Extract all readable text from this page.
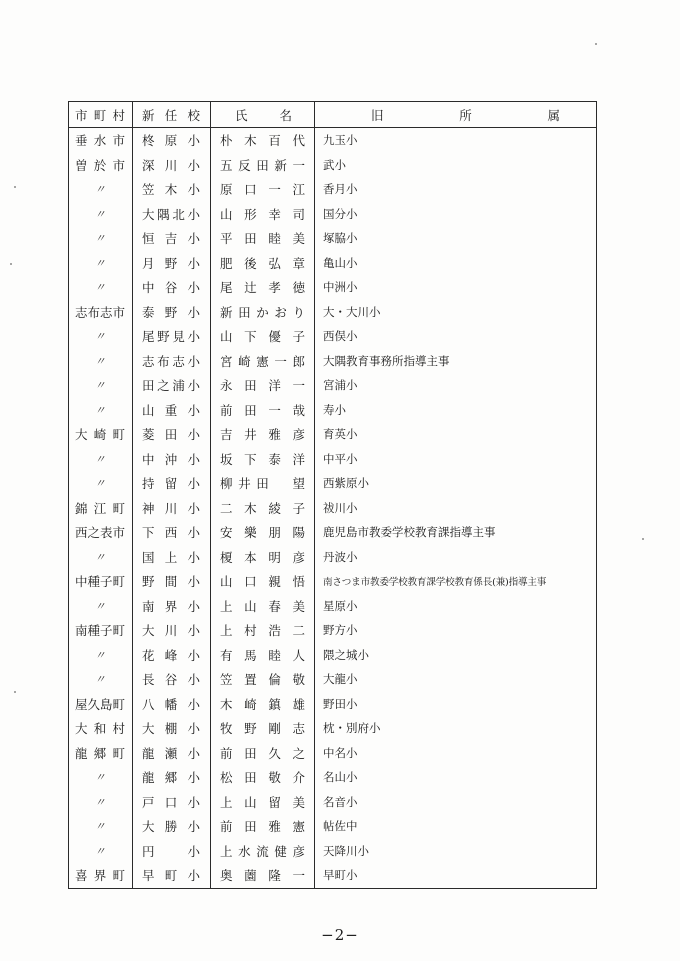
市町村	新任校	氏名	旧所属
垂水市	柊原小	朴木百代	九玉小
曽於市	深川小	五反田新一	武小
〃	笠木小	原口一江	香月小
〃	大隅北小	山形幸司	国分小
〃	恒吉小	平田睦美	塚脇小
〃	月野小	肥後弘章	亀山小
〃	中谷小	尾辻孝徳	中洲小
志布志市	泰野小	新田かおり	大・大川小
〃	尾野見小	山下優子	西俣小
〃	志布志小	宮崎憲一郎	大隅教育事務所指導主事
〃	田之浦小	永田洋一	宮浦小
〃	山重小	前田一哉	寿小
大崎町	菱田小	吉井雅彦	育英小
〃	中沖小	坂下泰洋	中平小
〃	持留小	柳井田　望	西紫原小
錦江町	神川小	二木綾子	祓川小
西之表市	下西小	安樂朋陽	鹿児島市教委学校教育課指導主事
〃	国上小	榎本明彦	丹波小
中種子町	野間小	山口親悟	南さつま市教委学校教育課学校教育係長(兼)指導主事
〃	南界小	上山春美	星原小
南種子町	大川小	上村浩二	野方小
〃	花峰小	有馬睦人	隈之城小
〃	長谷小	笠置倫敬	大龍小
屋久島町	八幡小	木崎鎮雄	野田小
大和村	大棚小	牧野剛志	枕・別府小
龍郷町	龍瀬小	前田久之	中名小
〃	龍郷小	松田敬介	名山小
〃	戸口小	上山留美	名音小
〃	大勝小	前田雅憲	帖佐中
〃	円　小	上水流健彦	天降川小
喜界町	早町小	奥薗隆一	早町小
−2−
